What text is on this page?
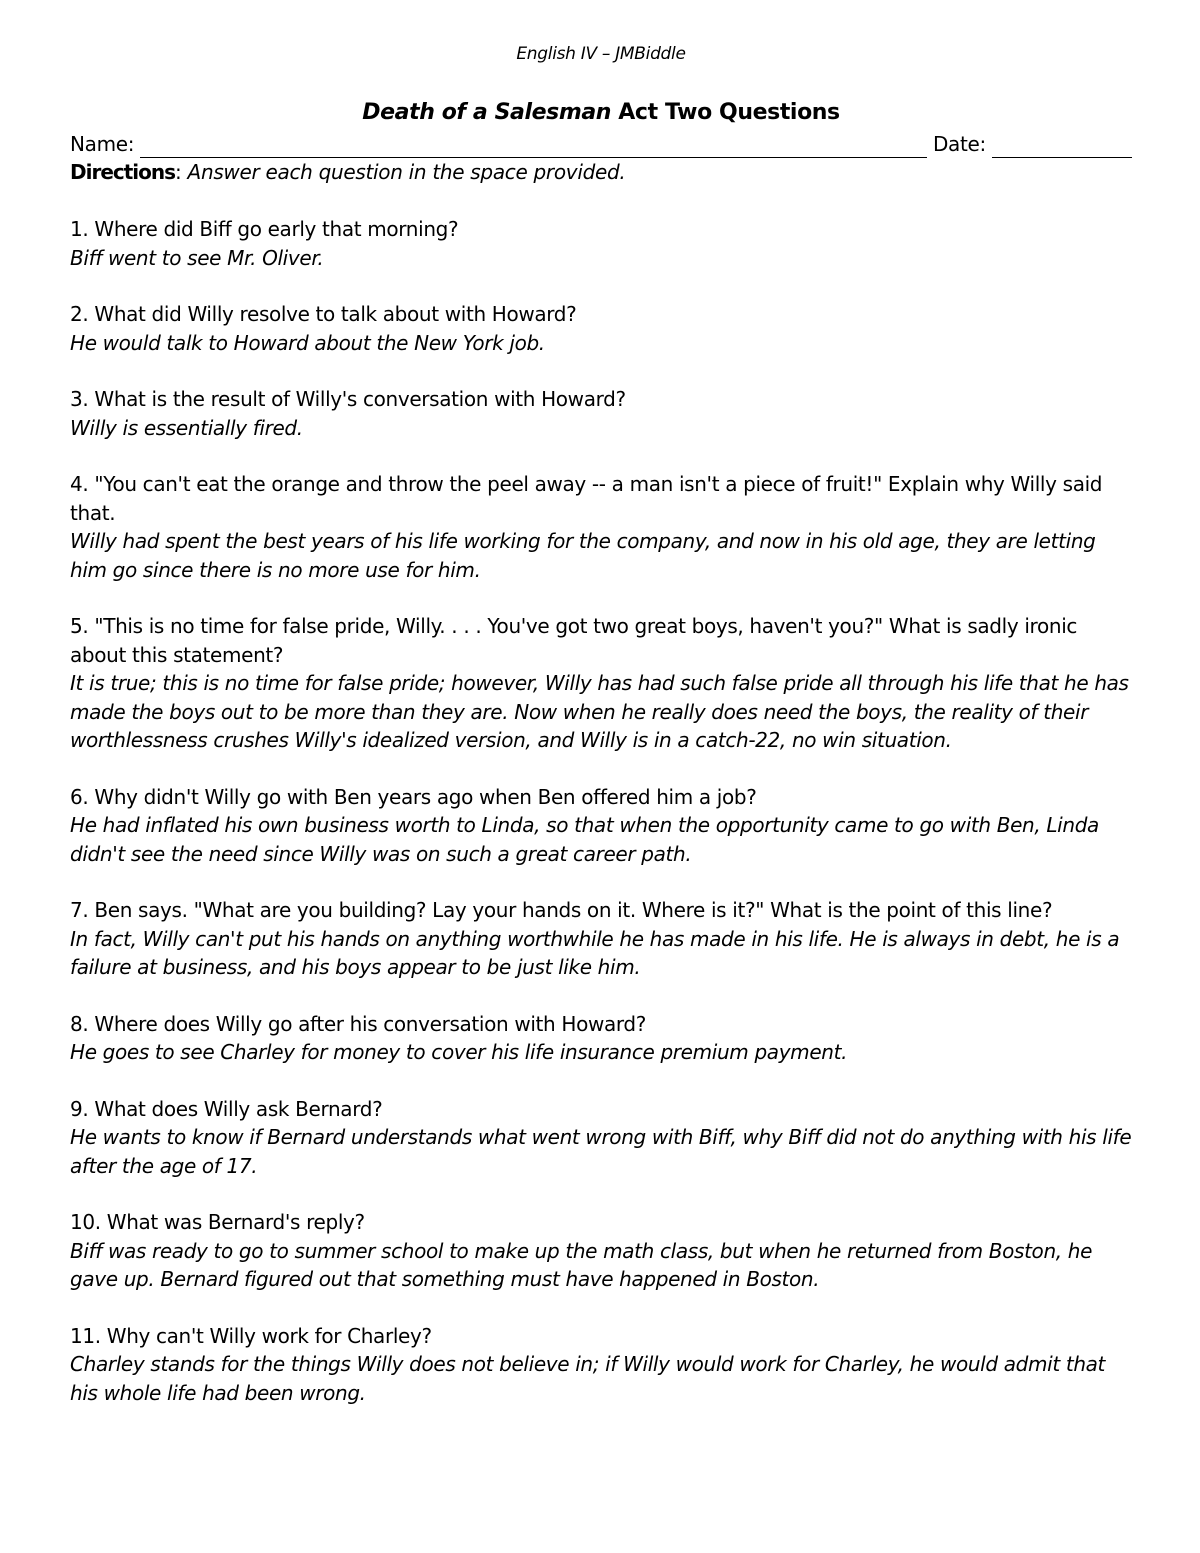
English IV – JMBiddle
Death of a Salesman Act Two Questions
Name:	Date:
Directions: Answer each question in the space provided.
1. Where did Biff go early that morning?
Biff went to see Mr. Oliver.
2. What did Willy resolve to talk about with Howard?
He would talk to Howard about the New York job.
3. What is the result of Willy's conversation with Howard?
Willy is essentially fired.
4. "You can't eat the orange and throw the peel away -- a man isn't a piece of fruit!" Explain why Willy said that.
Willy had spent the best years of his life working for the company, and now in his old age, they are letting him go since there is no more use for him.
5. "This is no time for false pride, Willy. . . . You've got two great boys, haven't you?" What is sadly ironic about this statement?
It is true; this is no time for false pride; however, Willy has had such false pride all through his life that he has made the boys out to be more than they are. Now when he really does need the boys, the reality of their worthlessness crushes Willy's idealized version, and Willy is in a catch-22, no win situation.
6. Why didn't Willy go with Ben years ago when Ben offered him a job?
He had inflated his own business worth to Linda, so that when the opportunity came to go with Ben, Linda didn't see the need since Willy was on such a great career path.
7. Ben says. "What are you building? Lay your hands on it. Where is it?" What is the point of this line?
In fact, Willy can't put his hands on anything worthwhile he has made in his life. He is always in debt, he is a failure at business, and his boys appear to be just like him.
8. Where does Willy go after his conversation with Howard?
He goes to see Charley for money to cover his life insurance premium payment.
9. What does Willy ask Bernard?
He wants to know if Bernard understands what went wrong with Biff, why Biff did not do anything with his life after the age of 17.
10. What was Bernard's reply?
Biff was ready to go to summer school to make up the math class, but when he returned from Boston, he gave up. Bernard figured out that something must have happened in Boston.
11. Why can't Willy work for Charley?
Charley stands for the things Willy does not believe in; if Willy would work for Charley, he would admit that his whole life had been wrong.
